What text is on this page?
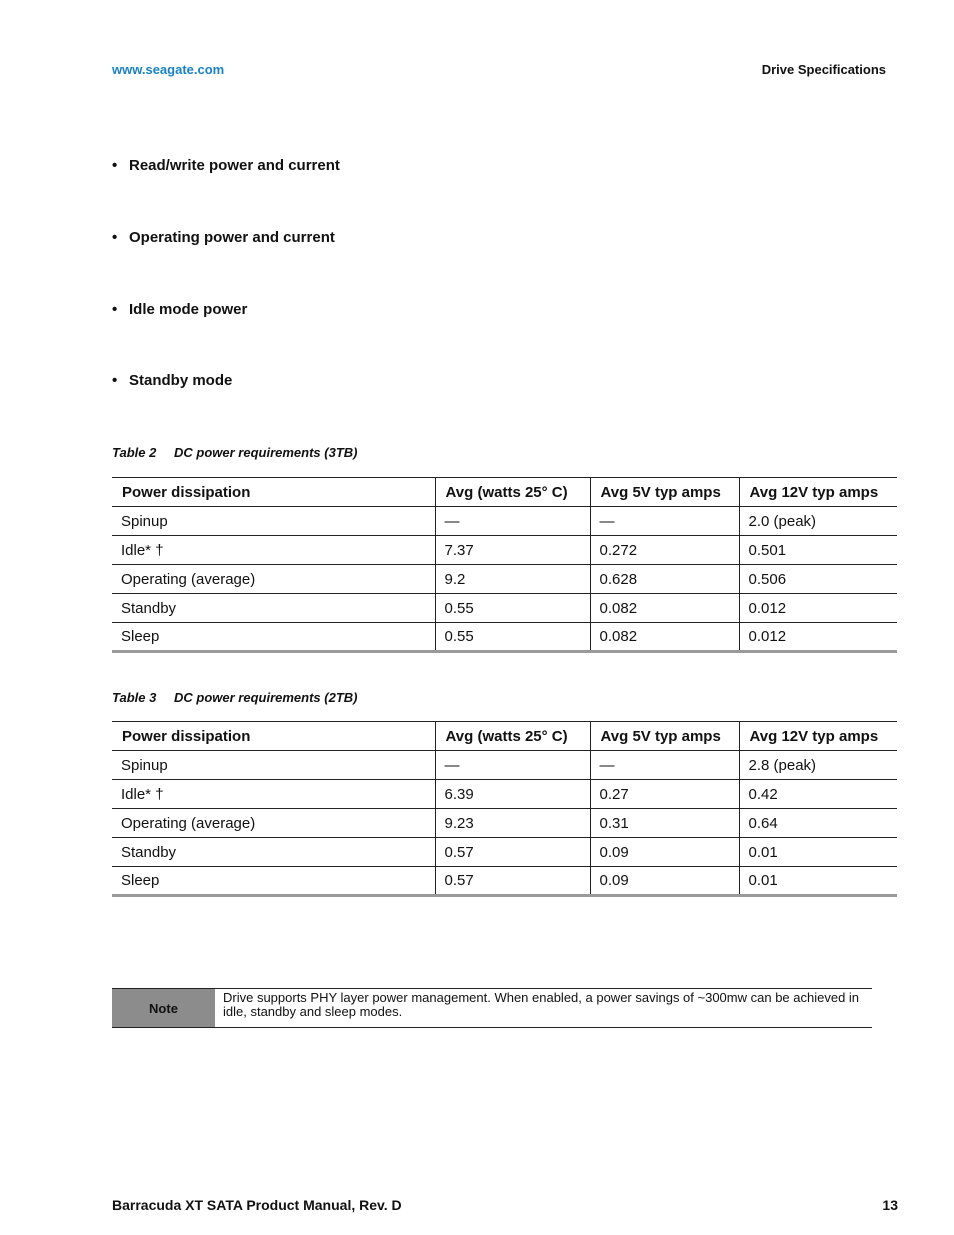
www.seagate.com	Drive Specifications
• Read/write power and current
• Operating power and current
• Idle mode power
• Standby mode
Table 2 DC power requirements (3TB)
Power dissipation	Avg (watts 25° C)	Avg 5V typ amps	Avg 12V typ amps
Spinup	—	—	2.0 (peak)
Idle* †	7.37	0.272	0.501
Operating (average)	9.2	0.628	0.506
Standby	0.55	0.082	0.012
Sleep	0.55	0.082	0.012
Table 3 DC power requirements (2TB)
Power dissipation	Avg (watts 25° C)	Avg 5V typ amps	Avg 12V typ amps
Spinup	—	—	2.8 (peak)
Idle* †	6.39	0.27	0.42
Operating (average)	9.23	0.31	0.64
Standby	0.57	0.09	0.01
Sleep	0.57	0.09	0.01
Note
Drive supports PHY layer power management. When enabled, a power savings of ~300mw can be achieved in idle, standby and sleep modes.
Barracuda XT SATA Product Manual, Rev. D	13
